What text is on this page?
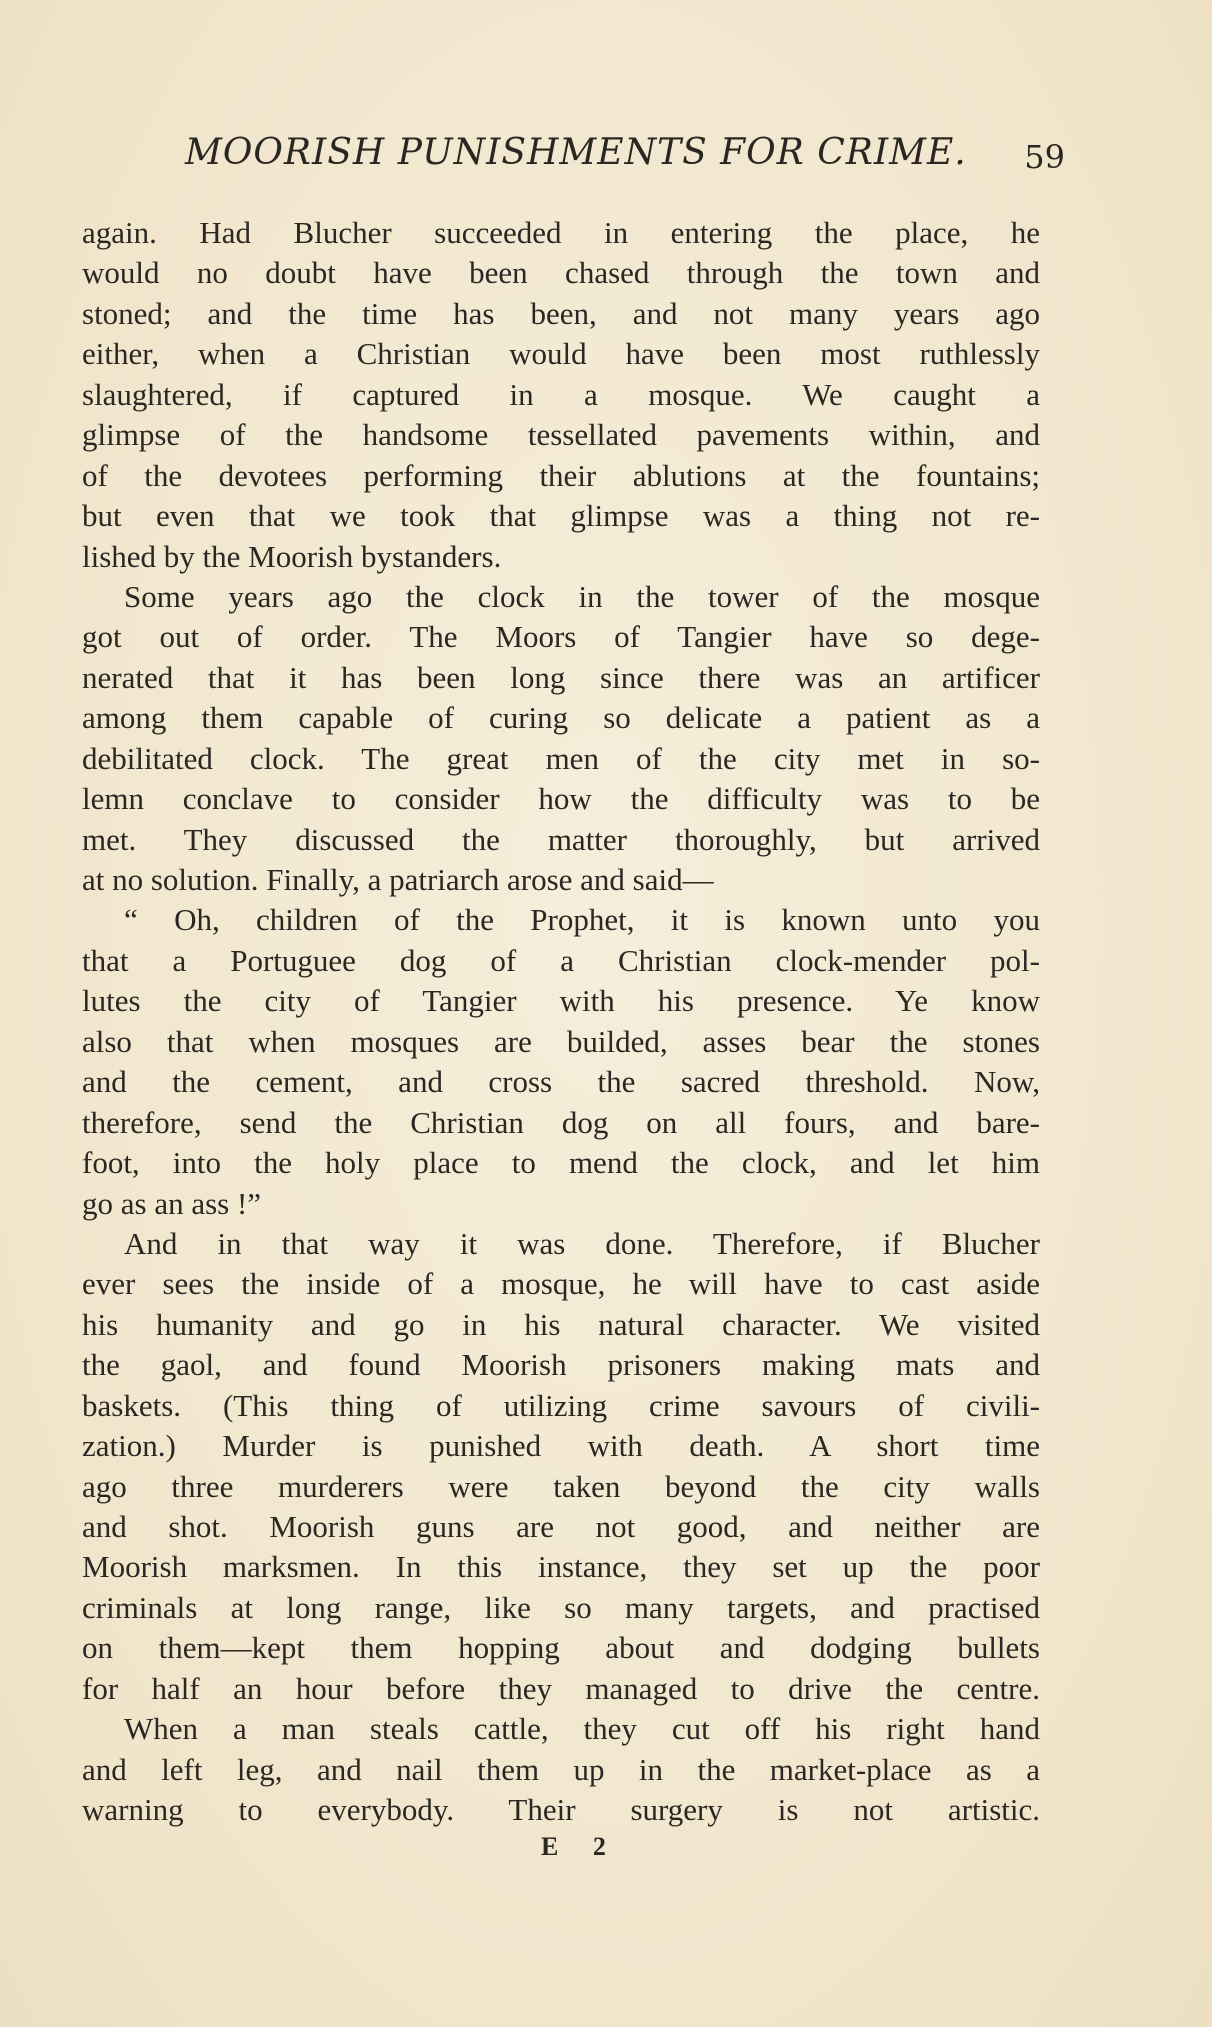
MOORISH PUNISHMENTS FOR CRIME. 59
again. Had Blucher succeeded in entering the place, he
would no doubt have been chased through the town and
stoned; and the time has been, and not many years ago
either, when a Christian would have been most ruthlessly
slaughtered, if captured in a mosque. We caught a
glimpse of the handsome tessellated pavements within, and
of the devotees performing their ablutions at the fountains;
but even that we took that glimpse was a thing not re-
lished by the Moorish bystanders.
Some years ago the clock in the tower of the mosque
got out of order. The Moors of Tangier have so dege-
nerated that it has been long since there was an artificer
among them capable of curing so delicate a patient as a
debilitated clock. The great men of the city met in so-
lemn conclave to consider how the difficulty was to be
met. They discussed the matter thoroughly, but arrived
at no solution. Finally, a patriarch arose and said—
“ Oh, children of the Prophet, it is known unto you
that a Portuguee dog of a Christian clock-mender pol-
lutes the city of Tangier with his presence. Ye know
also that when mosques are builded, asses bear the stones
and the cement, and cross the sacred threshold. Now,
therefore, send the Christian dog on all fours, and bare-
foot, into the holy place to mend the clock, and let him
go as an ass !”
And in that way it was done. Therefore, if Blucher
ever sees the inside of a mosque, he will have to cast aside
his humanity and go in his natural character. We visited
the gaol, and found Moorish prisoners making mats and
baskets. (This thing of utilizing crime savours of civili-
zation.) Murder is punished with death. A short time
ago three murderers were taken beyond the city walls
and shot. Moorish guns are not good, and neither are
Moorish marksmen. In this instance, they set up the poor
criminals at long range, like so many targets, and practised
on them—kept them hopping about and dodging bullets
for half an hour before they managed to drive the centre.
When a man steals cattle, they cut off his right hand
and left leg, and nail them up in the market-place as a
warning to everybody. Their surgery is not artistic.
E 2
